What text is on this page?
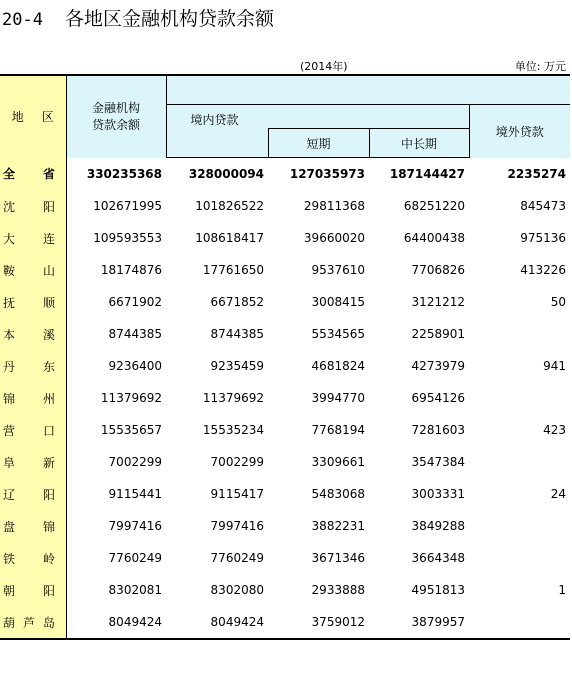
20-4 各地区金融机构贷款余额
(2014年)	单位: 万元
地 区	金融机构贷款余额				
		境内贷款			境外贷款
			短期	中长期	

全 省	330235368	328000094	127035973	187144427	2235274

沈 阳	102671995	101826522	29811368	68251220	845473

大 连	109593553	108618417	39660020	64400438	975136

鞍 山	18174876	17761650	9537610	7706826	413226

抚 顺	6671902	6671852	3008415	3121212	50

本 溪	8744385	8744385	5534565	2258901	

丹 东	9236400	9235459	4681824	4273979	941

锦 州	11379692	11379692	3994770	6954126	

营 口	15535657	15535234	7768194	7281603	423

阜 新	7002299	7002299	3309661	3547384	

辽 阳	9115441	9115417	5483068	3003331	24

盘 锦	7997416	7997416	3882231	3849288	

铁 岭	7760249	7760249	3671346	3664348	

朝 阳	8302081	8302080	2933888	4951813	1

葫 芦 岛	8049424	8049424	3759012	3879957	
